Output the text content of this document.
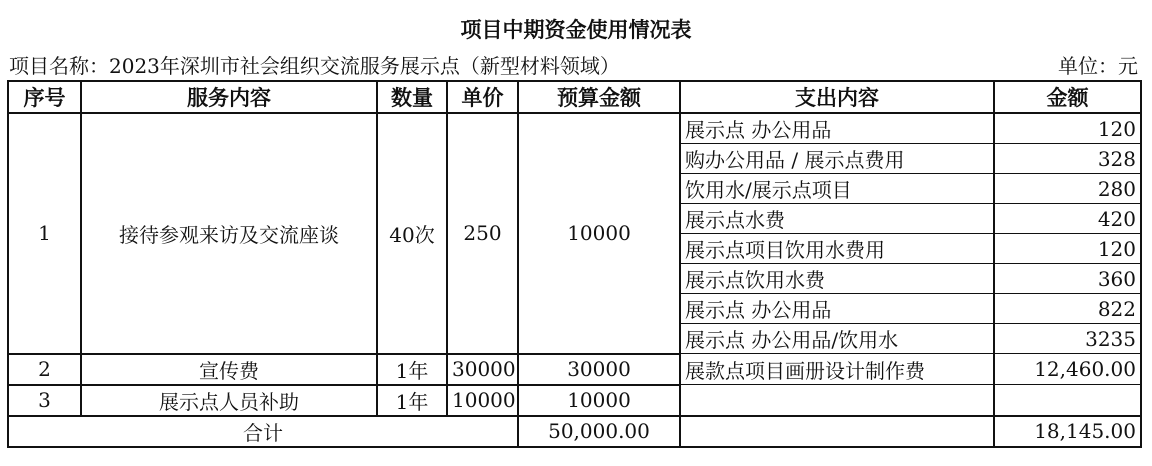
项目中期资金使用情况表
项目名称：2023年深圳市社会组织交流服务展示点（新型材料领域）	单位：元
序号	服务内容	数量	单价	预算金额	支出内容	金额
1	接待参观来访及交流座谈	40次	250	10000	展示点 办公用品	120
					购办公用品 / 展示点费用	328
					饮用水/展示点项目	280
					展示点水费	420
					展示点项目饮用水费用	120
					展示点饮用水费	360
					展示点 办公用品	822
					展示点 办公用品/饮用水	3235
2	宣传费	1年	30000	30000	展款点项目画册设计制作费	12,460.00
3	展示点人员补助	1年	10000	10000		
合计				50,000.00		18,145.00
